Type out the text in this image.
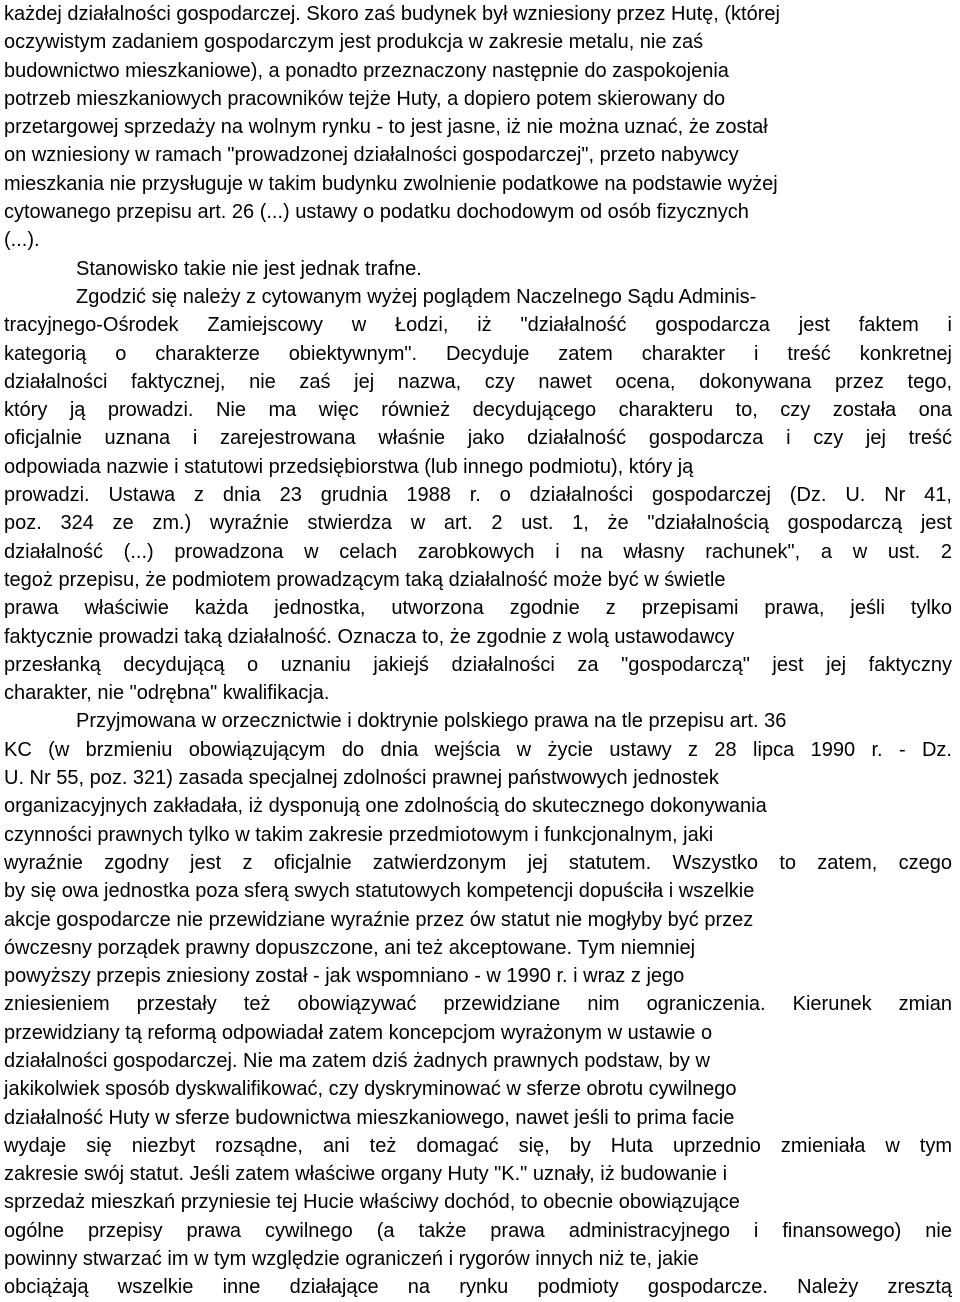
każdej działalności gospodarczej. Skoro zaś budynek był wzniesiony przez Hutę, (której
oczywistym zadaniem gospodarczym jest produkcja w zakresie metalu, nie zaś
budownictwo mieszkaniowe), a ponadto przeznaczony następnie do zaspokojenia
potrzeb mieszkaniowych pracowników tejże Huty, a dopiero potem skierowany do
przetargowej sprzedaży na wolnym rynku - to jest jasne, iż nie można uznać, że został
on wzniesiony w ramach "prowadzonej działalności gospodarczej", przeto nabywcy
mieszkania nie przysługuje w takim budynku zwolnienie podatkowe na podstawie wyżej
cytowanego przepisu art. 26 (...) ustawy o podatku dochodowym od osób fizycznych
(...).
Stanowisko takie nie jest jednak trafne.
Zgodzić się należy z cytowanym wyżej poglądem Naczelnego Sądu Adminis-
tracyjnego-Ośrodek Zamiejscowy w Łodzi, iż "działalność gospodarcza jest faktem i
kategorią o charakterze obiektywnym". Decyduje zatem charakter i treść konkretnej
działalności faktycznej, nie zaś jej nazwa, czy nawet ocena, dokonywana przez tego,
który ją prowadzi. Nie ma więc również decydującego charakteru to, czy została ona
oficjalnie uznana i zarejestrowana właśnie jako działalność gospodarcza i czy jej treść
odpowiada nazwie i statutowi przedsiębiorstwa (lub innego podmiotu), który ją
prowadzi. Ustawa z dnia 23 grudnia 1988 r. o działalności gospodarczej (Dz. U. Nr 41,
poz. 324 ze zm.) wyraźnie stwierdza w art. 2 ust. 1, że "działalnością gospodarczą jest
działalność (...) prowadzona w celach zarobkowych i na własny rachunek", a w ust. 2
tegoż przepisu, że podmiotem prowadzącym taką działalność może być w świetle
prawa właściwie każda jednostka, utworzona zgodnie z przepisami prawa, jeśli tylko
faktycznie prowadzi taką działalność. Oznacza to, że zgodnie z wolą ustawodawcy
przesłanką decydującą o uznaniu jakiejś działalności za "gospodarczą" jest jej faktyczny
charakter, nie "odrębna" kwalifikacja.
Przyjmowana w orzecznictwie i doktrynie polskiego prawa na tle przepisu art. 36
KC (w brzmieniu obowiązującym do dnia wejścia w życie ustawy z 28 lipca 1990 r. - Dz.
U. Nr 55, poz. 321) zasada specjalnej zdolności prawnej państwowych jednostek
organizacyjnych zakładała, iż dysponują one zdolnością do skutecznego dokonywania
czynności prawnych tylko w takim zakresie przedmiotowym i funkcjonalnym, jaki
wyraźnie zgodny jest z oficjalnie zatwierdzonym jej statutem. Wszystko to zatem, czego
by się owa jednostka poza sferą swych statutowych kompetencji dopuściła i wszelkie
akcje gospodarcze nie przewidziane wyraźnie przez ów statut nie mogłyby być przez
ówczesny porządek prawny dopuszczone, ani też akceptowane. Tym niemniej
powyższy przepis zniesiony został - jak wspomniano - w 1990 r. i wraz z jego
zniesieniem przestały też obowiązywać przewidziane nim ograniczenia. Kierunek zmian
przewidziany tą reformą odpowiadał zatem koncepcjom wyrażonym w ustawie o
działalności gospodarczej. Nie ma zatem dziś żadnych prawnych podstaw, by w
jakikolwiek sposób dyskwalifikować, czy dyskryminować w sferze obrotu cywilnego
działalność Huty w sferze budownictwa mieszkaniowego, nawet jeśli to prima facie
wydaje się niezbyt rozsądne, ani też domagać się, by Huta uprzednio zmieniała w tym
zakresie swój statut. Jeśli zatem właściwe organy Huty "K." uznały, iż budowanie i
sprzedaż mieszkań przyniesie tej Hucie właściwy dochód, to obecnie obowiązujące
ogólne przepisy prawa cywilnego (a także prawa administracyjnego i finansowego) nie
powinny stwarzać im w tym względzie ograniczeń i rygorów innych niż te, jakie
obciążają wszelkie inne działające na rynku podmioty gospodarcze. Należy zresztą
